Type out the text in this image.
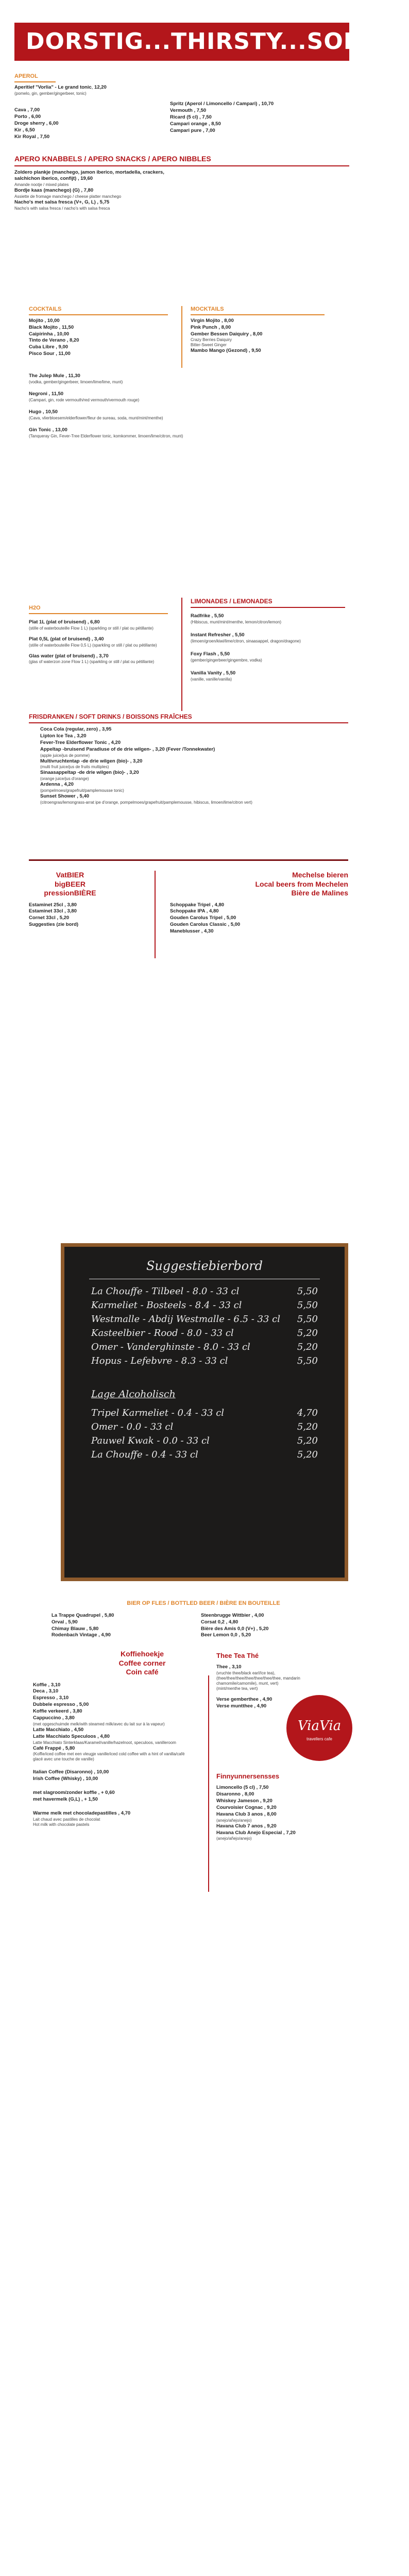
DORSTIG...THIRSTY...SOIF?
APEROL
Aperitief "Vorlia" - Le grand tonic, 12,20
(pomelo, gin, gember/gingerbeer, tonic)
Cava , 7,00
Porto , 6,00
Droge sherry , 6,00
Kir , 6,50
Kir Royal , 7,50
Spritz (Aperol / Limoncello / Campari) , 10,70
Vermouth , 7,50
Ricard (5 cl) , 7,50
Campari orange , 8,50
Campari pure , 7,00
APERO KNABBELS / APERO SNACKS / APERO NIBBLES
Zoldero plankje (manchego, jamon iberico, mortadella, crackers,
salchichon iberico, confijt) , 19,60
Amande nootje / mixed plates
Bordje kaas (manchego) (G) , 7,80
Assiette de fromage manchego / cheese platter manchego
Nacho's met salsa fresca (V+, G, L) , 5,75
Nacho's with salsa fresca / nacho's with salsa fresca
COCKTAILS
Mojito , 10,00
Black Mojito , 11,50
Caipirinha , 10,00
Tinto de Verano , 8,20
Cuba Libre , 9,00
Pisco Sour , 11,00
MOCKTAILS
Virgin Mojito , 8,00
Pink Punch , 8,00
Gember Bessen Daiquiry , 8,00
Crazy Berries Daiquiry
Bitter-Sweet Ginger
Mambo Mango (Gezond) , 9,50
The Julep Mule , 11,30
(vodka, gember/gingerbeer, limoen/lime/lime, munt)
Negroni , 11,50
(Campari, gin, rode vermouth/red vermouth/vermouth rouge)
Hugo , 10,50
(Cava, vlierbloesem/elderflower/fleur de sureau, soda, munt/mint/menthe)
Gin Tonic , 13,00
(Tanqueray Gin, Fever-Tree Elderflower tonic, komkommer, limoen/lime/citron, munt)
H2O
Plat 1L (plat of bruisend) , 6,80
(stille of waterbouteille Flow 1 L) (sparkling or still / plat ou pétillante)
Plat 0,5L (plat of bruisend) , 3,40
(stille of waterbouteille Flow 0,5 L) (sparkling or still / plat ou pétillante)
Glas water (plat of bruisend) , 3,70
(glas of waterzon zone Flow 1 L) (sparkling or still / plat ou pétillante)
LIMONADES / LEMONADES
Radfrike , 5,50
(Hibiscus, munt/mint/menthe, lemon/citron/lemon)
Instant Refresher , 5,50
(limoen/groen/kiwi/lime/citron, sinaasappel, dragon/dragone)
Foxy Flash , 5,50
(gember/gingerbeer/gingembre, vodka)
Vanilla Vanity , 5,50
(vanille, vanille/vanilla)
FRISDRANKEN / SOFT DRINKS / BOISSONS FRAÎCHES
Coca Cola (regular, zero) , 3,95
Lipton Ice Tea , 3,20
Fever-Tree Elderflower Tonic , 4,20
Appeltap -bruisend Paradiuse of de drie wilgen- , 3,20 (Fever /Tonnekwater)
(apple juice/jus de pomme)
Multivruchtentap -de drie wilgen (bio)- , 3,20
(multi fruit juice/jus de fruits multiples)
Sinaasappeltap -de drie wilgen (bio)- , 3,20
(orange juice/jus d'orange)
Ardenna , 4,20
(pompelmoes/grapefruit/pamplemousse tonic)
Sunset Shower , 5,40
(citroengras/lemongrass-arrat ipe d'orange, pompelmoes/grapefruit/pamplemousse, hibiscus, limoen/lime/citron vert)
VatBIER
bigBEER
pressionBIÈRE
Estaminet 25cl , 3,80
Estaminet 33cl , 3,80
Cornet 33cl , 5,20
Suggesties (zie bord)
Mechelse bieren
Local beers from Mechelen
Bière de Malines
Schoppake Tripel , 4,80
Schoppake IPA , 4,80
Gouden Carolus Tripel , 5,00
Gouden Carolus Classic , 5,00
Maneblusser , 4,30
Suggestiebierbord
La Chouffe - Tilbeel - 8.0 - 33 cl	5,50
Karmeliet - Bosteels - 8.4 - 33 cl	5,50
Westmalle - Abdij Westmalle - 6.5 - 33 cl 5,50
Kasteelbier - Rood - 8.0 - 33 cl	5,20
Omer - Vanderghinste - 8.0 - 33 cl	5,20
Hopus - Lefebvre - 8.3 - 33 cl	5,50
Lage Alcoholisch
Tripel Karmeliet - 0.4 - 33 cl	4,70
Omer - 0.0 - 33 cl	5,20
Pauwel Kwak - 0.0 - 33 cl	5,20
La Chouffe - 0.4 - 33 cl	5,20
BIER OP FLES / BOTTLED BEER / BIÈRE EN BOUTEILLE
La Trappe Quadrupel , 5,80
Orval , 5,90
Chimay Blauw , 5,80
Rodenbach Vintage , 4,90
Steenbrugge Wittbier , 4,00
Corsat 0,2 , 4,80
Bière des Amis 0,0 (V+) , 5,20
Beer Lemon 0,0 , 5,20
Koffiehoekje
Coffee corner
Coin café
Koffie , 3,10
Deca , 3,10
Espresso , 3,10
Dubbele espresso , 5,00
Koffie verkeerd , 3,80
Cappuccino , 3,80
(met opgeschuimde melk/with steamed milk/avec du lait sur à la vapeur)
Latte Macchiato , 4,50
Latte Macchiato Speculoos , 4,80
Latte Macchiato Sinterklaas/Karamel/vanille/hazelnoot, speculoos, vanilleroom
Café Frappé , 5,80
(Koffie/iced coffee met een vleugje vanille/iced cold coffee with a hint of vanilla/café glacé avec une touche de vanille)
Italian Coffee (Disaronno) , 10,00
Irish Coffee (Whisky) , 10,00
met slagroom/zonder koffie , + 0,60
met havermelk (G,L) , + 1,50
Warme melk met chocoladepastilles , 4,70
Lait chaud avec pastilles de chocolat
Hot milk with chocolate pastels
Thee Tea Thé
Thee , 3,10
(vruchte thee/black earl/Ice tea), (thee/thee/thee/thee/thee/thee/thee, mandarin chamomile/camomile), munt, vert)
(mint/menthe tea, vert)
Verse gemberthee , 4,90
Verse muntthee , 4,90
ViaVia
travellers cafe
Finnyunnersensses
Limoncello (5 cl) , 7,50
Disaronno , 8,00
Whiskey Jameson , 9,20
Courvoisier Cognac , 9,20
Havana Club 3 anos , 8,00
(anejo/añejo/anejo)
Havana Club 7 anos , 9,20
Havana Club Anejo Especial , 7,20
(anejo/añejo/anejo)
